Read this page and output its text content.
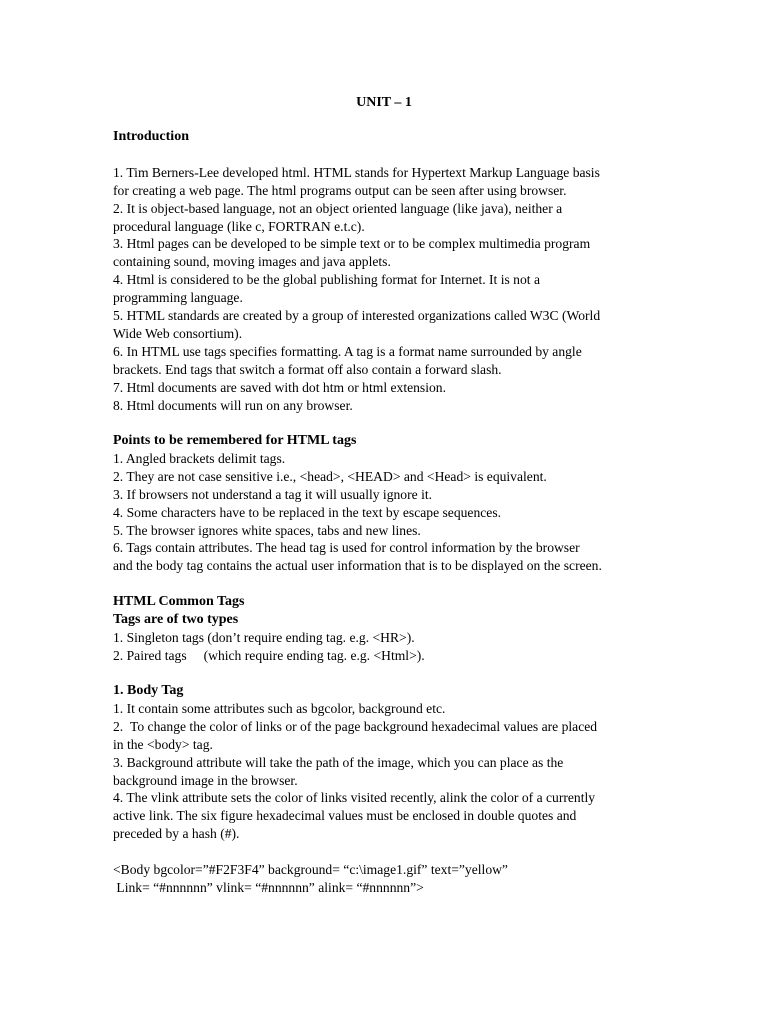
UNIT – 1
Introduction
1. Tim Berners-Lee developed html. HTML stands for Hypertext Markup Language basis
for creating a web page. The html programs output can be seen after using browser.
2. It is object-based language, not an object oriented language (like java), neither a
procedural language (like c, FORTRAN e.t.c).
3. Html pages can be developed to be simple text or to be complex multimedia program
containing sound, moving images and java applets.
4. Html is considered to be the global publishing format for Internet. It is not a
programming language.
5. HTML standards are created by a group of interested organizations called W3C (World
Wide Web consortium).
6. In HTML use tags specifies formatting. A tag is a format name surrounded by angle
brackets. End tags that switch a format off also contain a forward slash.
7. Html documents are saved with dot htm or html extension.
8. Html documents will run on any browser.
Points to be remembered for HTML tags
1. Angled brackets delimit tags.
2. They are not case sensitive i.e., <head>, <HEAD> and <Head> is equivalent.
3. If browsers not understand a tag it will usually ignore it.
4. Some characters have to be replaced in the text by escape sequences.
5. The browser ignores white spaces, tabs and new lines.
6. Tags contain attributes. The head tag is used for control information by the browser
and the body tag contains the actual user information that is to be displayed on the screen.
HTML Common Tags
Tags are of two types
1. Singleton tags (don’t require ending tag. e.g. <HR>).
2. Paired tags     (which require ending tag. e.g. <Html>).
1. Body Tag
1. It contain some attributes such as bgcolor, background etc.
2.  To change the color of links or of the page background hexadecimal values are placed
in the <body> tag.
3. Background attribute will take the path of the image, which you can place as the
background image in the browser.
4. The vlink attribute sets the color of links visited recently, alink the color of a currently
active link. The six figure hexadecimal values must be enclosed in double quotes and
preceded by a hash (#).
<Body bgcolor=”#F2F3F4” background= “c:\image1.gif” text=”yellow”
Link= “#nnnnnn” vlink= “#nnnnnn” alink= “#nnnnnn”>
